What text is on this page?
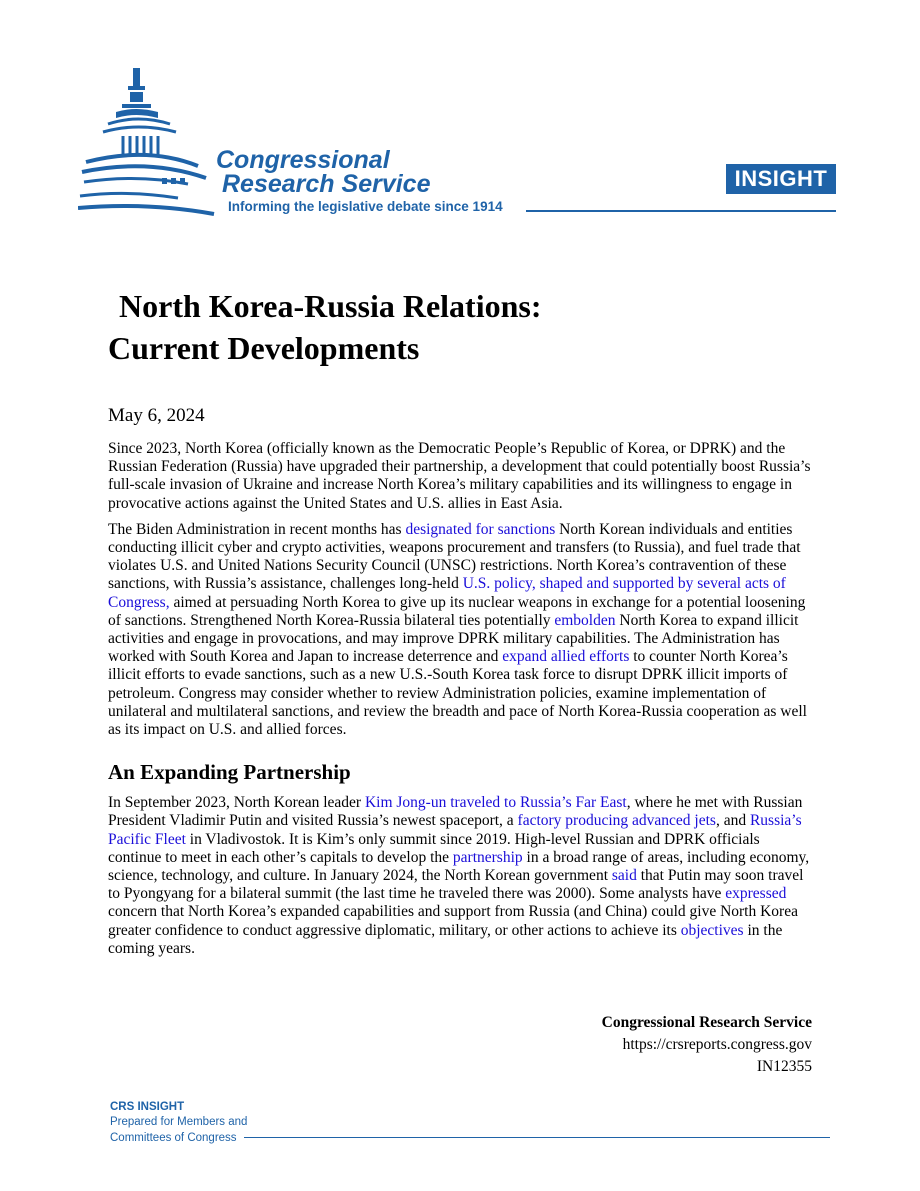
Congressional
Research Service
Informing the legislative debate since 1914
INSIGHT
North Korea-Russia Relations:
Current Developments
May 6, 2024

Since 2023, North Korea (officially known as the Democratic People’s Republic of Korea, or DPRK) and the Russian Federation (Russia) have upgraded their partnership, a development that could potentially boost Russia’s full-scale invasion of Ukraine and increase North Korea’s military capabilities and its willingness to engage in provocative actions against the United States and U.S. allies in East Asia.

The Biden Administration in recent months has designated for sanctions North Korean individuals and entities conducting illicit cyber and crypto activities, weapons procurement and transfers (to Russia), and fuel trade that violates U.S. and United Nations Security Council (UNSC) restrictions. North Korea’s contravention of these sanctions, with Russia’s assistance, challenges long-held U.S. policy, shaped and supported by several acts of Congress, aimed at persuading North Korea to give up its nuclear weapons in exchange for a potential loosening of sanctions. Strengthened North Korea-Russia bilateral ties potentially embolden North Korea to expand illicit activities and engage in provocations, and may improve DPRK military capabilities. The Administration has worked with South Korea and Japan to increase deterrence and expand allied efforts to counter North Korea’s illicit efforts to evade sanctions, such as a new U.S.-South Korea task force to disrupt DPRK illicit imports of petroleum. Congress may consider whether to review Administration policies, examine implementation of unilateral and multilateral sanctions, and review the breadth and pace of North Korea-Russia cooperation as well as its impact on U.S. and allied forces.

An Expanding Partnership

In September 2023, North Korean leader Kim Jong-un traveled to Russia’s Far East, where he met with Russian President Vladimir Putin and visited Russia’s newest spaceport, a factory producing advanced jets, and Russia’s Pacific Fleet in Vladivostok. It is Kim’s only summit since 2019. High-level Russian and DPRK officials continue to meet in each other’s capitals to develop the partnership in a broad range of areas, including economy, science, technology, and culture. In January 2024, the North Korean government said that Putin may soon travel to Pyongyang for a bilateral summit (the last time he traveled there was 2000). Some analysts have expressed concern that North Korea’s expanded capabilities and support from Russia (and China) could give North Korea greater confidence to conduct aggressive diplomatic, military, or other actions to achieve its objectives in the coming years.

Congressional Research Service
https://crsreports.congress.gov
IN12355
CRS INSIGHT
Prepared for Members and
Committees of Congress
